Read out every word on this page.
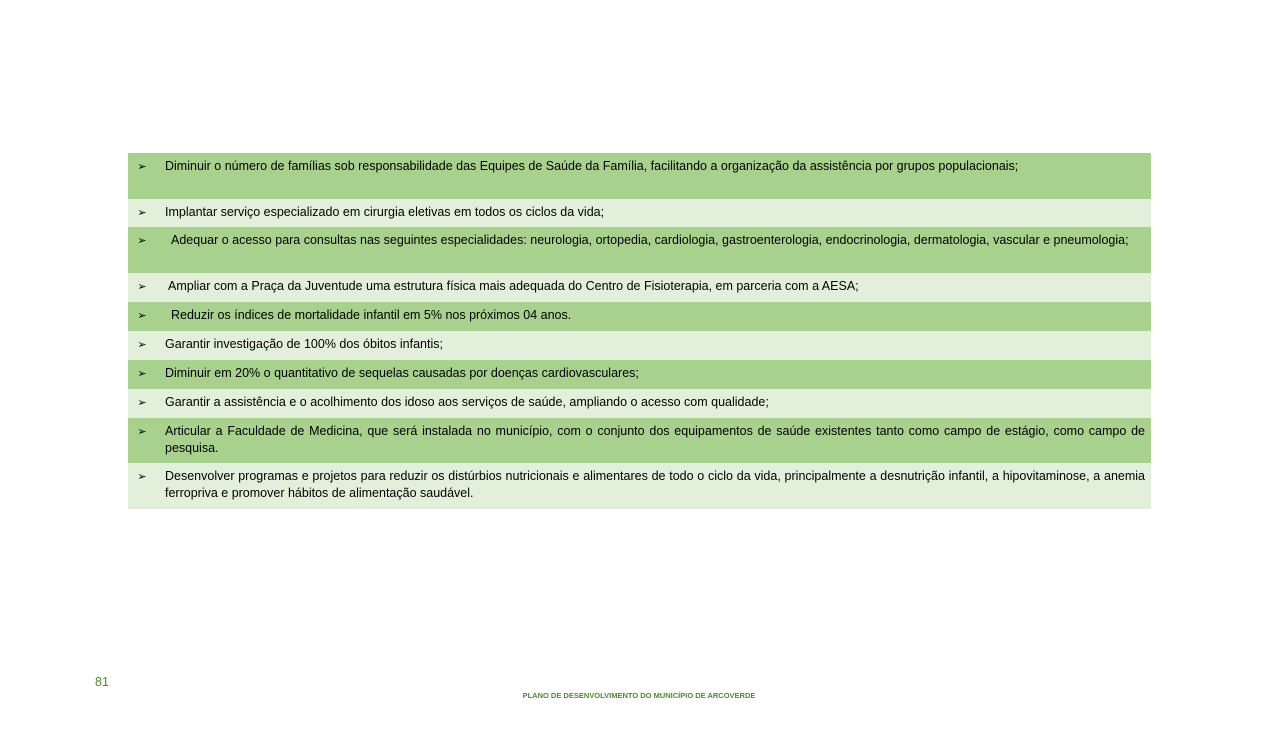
➢	Diminuir o número de famílias sob responsabilidade das Equipes de Saúde da Família, facilitando a organização da assistência por grupos populacionais;
➢	Implantar serviço especializado em cirurgia eletivas em todos os ciclos da vida;
➢	Adequar o acesso para consultas nas seguintes especialidades: neurologia, ortopedia, cardiologia, gastroenterologia, endocrinologia, dermatologia, vascular e pneumologia;
➢	Ampliar com a Praça da Juventude uma estrutura física mais adequada do Centro de Fisioterapia, em parceria com a AESA;
➢	Reduzir os índices de mortalidade infantil em 5% nos próximos 04 anos.
➢	Garantir investigação de 100% dos óbitos infantis;
➢	Diminuir em 20% o quantitativo de sequelas causadas por doenças cardiovasculares;
➢	Garantir a assistência e o acolhimento dos idoso aos serviços de saúde, ampliando o acesso com qualidade;
➢	Articular a Faculdade de Medicina, que será instalada no município, com o conjunto dos equipamentos de saúde existentes tanto como campo de estágio, como campo de pesquisa.
➢	Desenvolver programas e projetos para reduzir os distúrbios nutricionais e alimentares de todo o ciclo da vida, principalmente a desnutrição infantil, a hipovitaminose, a anemia ferropriva e promover hábitos de alimentação saudável.
81
PLANO DE DESENVOLVIMENTO DO MUNICÍPIO DE ARCOVERDE
